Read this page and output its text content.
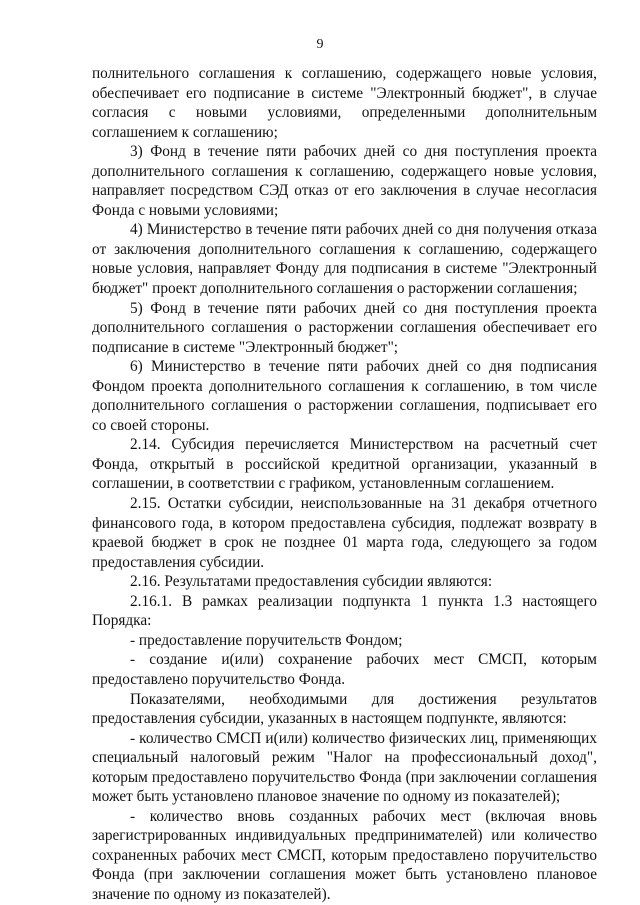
9

полнительного соглашения к соглашению, содержащего новые условия, обеспечивает его подписание в системе "Электронный бюджет", в случае согласия с новыми условиями, определенными дополнительным соглашением к соглашению;

3) Фонд в течение пяти рабочих дней со дня поступления проекта дополнительного соглашения к соглашению, содержащего новые условия, направляет посредством СЭД отказ от его заключения в случае несогласия Фонда с новыми условиями;

4) Министерство в течение пяти рабочих дней со дня получения отказа от заключения дополнительного соглашения к соглашению, содержащего новые условия, направляет Фонду для подписания в системе "Электронный бюджет" проект дополнительного соглашения о расторжении соглашения;

5) Фонд в течение пяти рабочих дней со дня поступления проекта дополнительного соглашения о расторжении соглашения обеспечивает его подписание в системе "Электронный бюджет";

6) Министерство в течение пяти рабочих дней со дня подписания Фондом проекта дополнительного соглашения к соглашению, в том числе дополнительного соглашения о расторжении соглашения, подписывает его со своей стороны.

2.14. Субсидия перечисляется Министерством на расчетный счет Фонда, открытый в российской кредитной организации, указанный в соглашении, в соответствии с графиком, установленным соглашением.

2.15. Остатки субсидии, неиспользованные на 31 декабря отчетного финансового года, в котором предоставлена субсидия, подлежат возврату в краевой бюджет в срок не позднее 01 марта года, следующего за годом предоставления субсидии.

2.16. Результатами предоставления субсидии являются:

2.16.1. В рамках реализации подпункта 1 пункта 1.3 настоящего Порядка:

- предоставление поручительств Фондом;

- создание и(или) сохранение рабочих мест СМСП, которым предоставлено поручительство Фонда.

Показателями, необходимыми для достижения результатов предоставления субсидии, указанных в настоящем подпункте, являются:

- количество СМСП и(или) количество физических лиц, применяющих специальный налоговый режим "Налог на профессиональный доход", которым предоставлено поручительство Фонда (при заключении соглашения может быть установлено плановое значение по одному из показателей);

- количество вновь созданных рабочих мест (включая вновь зарегистрированных индивидуальных предпринимателей) или количество сохраненных рабочих мест СМСП, которым предоставлено поручительство Фонда (при заключении соглашения может быть установлено плановое значение по одному из показателей).
